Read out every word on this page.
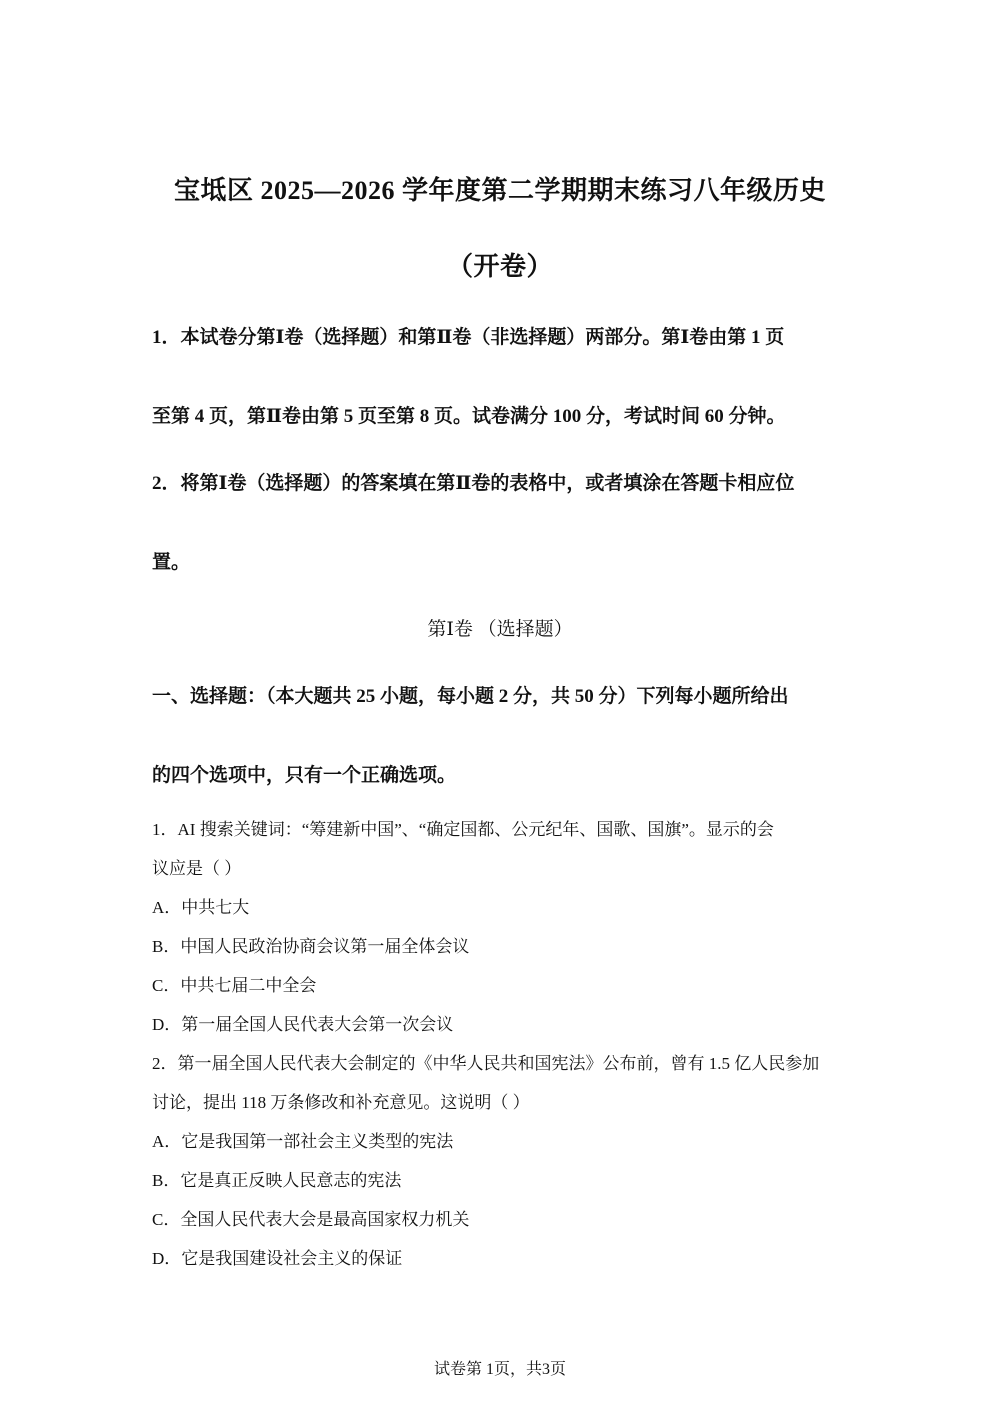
宝坻区 2025—2026 学年度第二学期期末练习八年级历史
（开卷）
1．本试卷分第Ⅰ卷（选择题）和第Ⅱ卷（非选择题）两部分。第Ⅰ卷由第 1 页
至第 4 页，第Ⅱ卷由第 5 页至第 8 页。试卷满分 100 分，考试时间 60 分钟。
2．将第Ⅰ卷（选择题）的答案填在第Ⅱ卷的表格中，或者填涂在答题卡相应位
置。
第Ⅰ卷 （选择题）
一、选择题：（本大题共 25 小题，每小题 2 分，共 50 分）下列每小题所给出
的四个选项中，只有一个正确选项。
1．AI 搜索关键词：“筹建新中国”、“确定国都、公元纪年、国歌、国旗”。显示的会
议应是（ ）
A．中共七大
B．中国人民政治协商会议第一届全体会议
C．中共七届二中全会
D．第一届全国人民代表大会第一次会议
2．第一届全国人民代表大会制定的《中华人民共和国宪法》公布前，曾有 1.5 亿人民参加
讨论，提出 118 万条修改和补充意见。这说明（ ）
A．它是我国第一部社会主义类型的宪法
B．它是真正反映人民意志的宪法
C．全国人民代表大会是最高国家权力机关
D．它是我国建设社会主义的保证
试卷第 1页，共3页
